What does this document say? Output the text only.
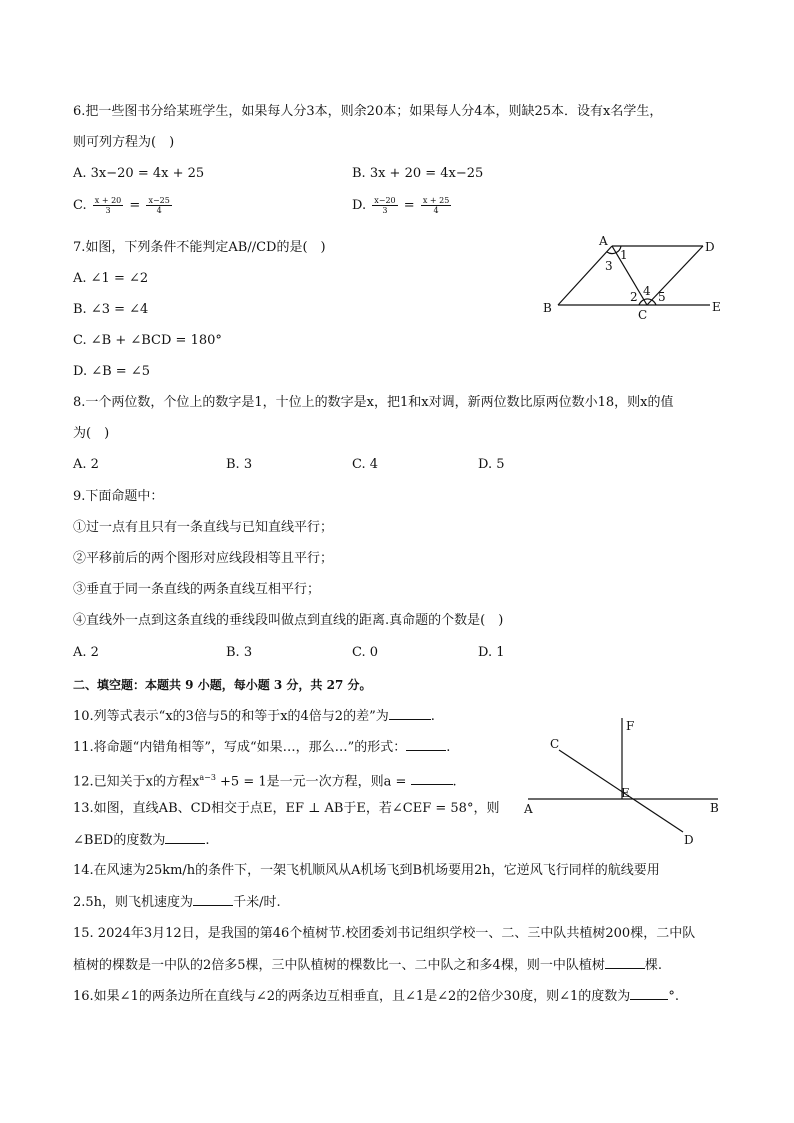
6.把一些图书分给某班学生，如果每人分3本，则余20本；如果每人分4本，则缺25本．设有x名学生，
则可列方程为(　)
A. 3x−20 = 4x + 25	B. 3x + 20 = 4x−25
C. $\frac{x + 20}{3} = \frac{x-25}{4}$	D. $\frac{x-20}{3} = \frac{x + 25}{4}$
7.如图，下列条件不能判定AB//CD的是(　)
A. ∠1 = ∠2
B. ∠3 = ∠4
C. ∠B + ∠BCD = 180°
D. ∠B = ∠5
A	D
B	C
E
1
3
2 4 5
8.一个两位数，个位上的数字是1，十位上的数字是x，把1和x对调，新两位数比原两位数小18，则x的值
为(　)
A. 2	B. 3	C. 4	D. 5
9.下面命题中：
①过一点有且只有一条直线与已知直线平行；
②平移前后的两个图形对应线段相等且平行；
③垂直于同一条直线的两条直线互相平行；
④直线外一点到这条直线的垂线段叫做点到直线的距离.真命题的个数是(　)
A. 2	B. 3	C. 0	D. 1
二、填空题：本题共 9 小题，每小题 3 分，共 27 分。
10.列等式表示“x的3倍与5的和等于x的4倍与2的差”为	.
11.将命题“内错角相等”，写成“如果…，那么…”的形式：	.
12.已知关于x的方程$x^{a-3} +5 = 1$是一元一次方程，则a =	.
13.如图，直线AB、CD相交于点E，EF ⊥ AB于E，若∠CEF = 58°，则
∠BED的度数为	.
C
F
E
A	B
D
14.在风速为25km/h的条件下，一架飞机顺风从A机场飞到B机场要用2h，它逆风飞行同样的航线要用
2.5h，则飞机速度为	千米/时.
15. 2024年3月12日，是我国的第46个植树节.校团委刘书记组织学校一、二、三中队共植树200棵，二中队
植树的棵数是一中队的2倍多5棵，三中队植树的棵数比一、二中队之和多4棵，则一中队植树	棵.
16.如果∠1的两条边所在直线与∠2的两条边互相垂直，且∠1是∠2的2倍少30度，则∠1的度数为	°.
